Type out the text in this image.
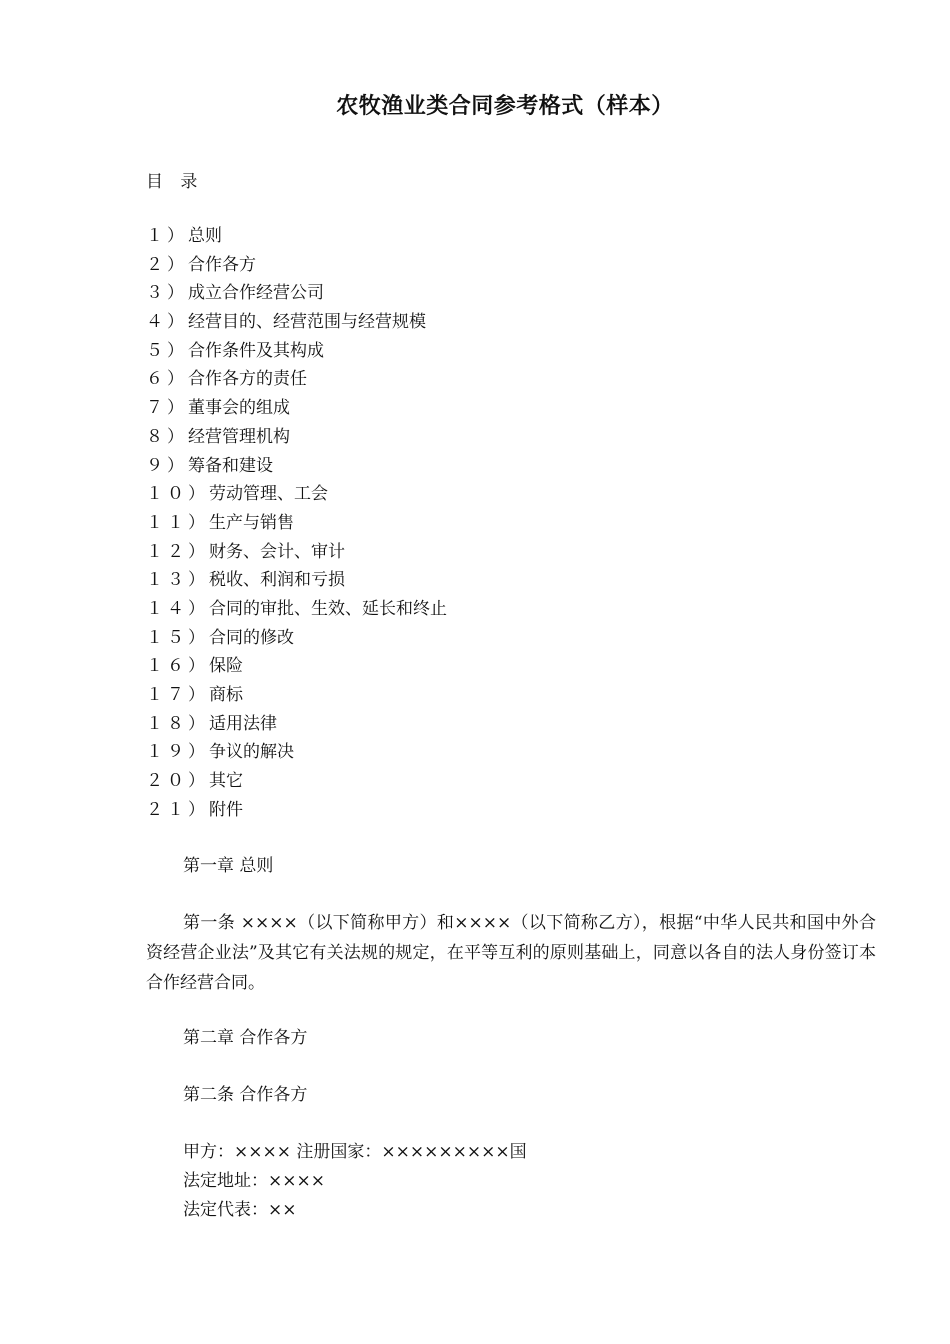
农牧渔业类合同参考格式（样本）
目 录
１）总则
２）合作各方
３）成立合作经营公司
４）经营目的、经营范围与经营规模
５）合作条件及其构成
６）合作各方的责任
７）董事会的组成
８）经营管理机构
９）筹备和建设
１０）劳动管理、工会
１１）生产与销售
１２）财务、会计、审计
１３）税收、利润和亏损
１４）合同的审批、生效、延长和终止
１５）合同的修改
１６）保险
１７）商标
１８）适用法律
１９）争议的解决
２０）其它
２１）附件
第一章 总则
第一条 ××××（以下简称甲方）和××××（以下简称乙方），根据“中华人民共和国中外合资经营企业法”及其它有关法规的规定，在平等互利的原则基础上，同意以各自的法人身份签订本合作经营合同。
第二章 合作各方
第二条 合作各方
甲方：×××× 注册国家：×××××××××国
法定地址：××××
法定代表：××
